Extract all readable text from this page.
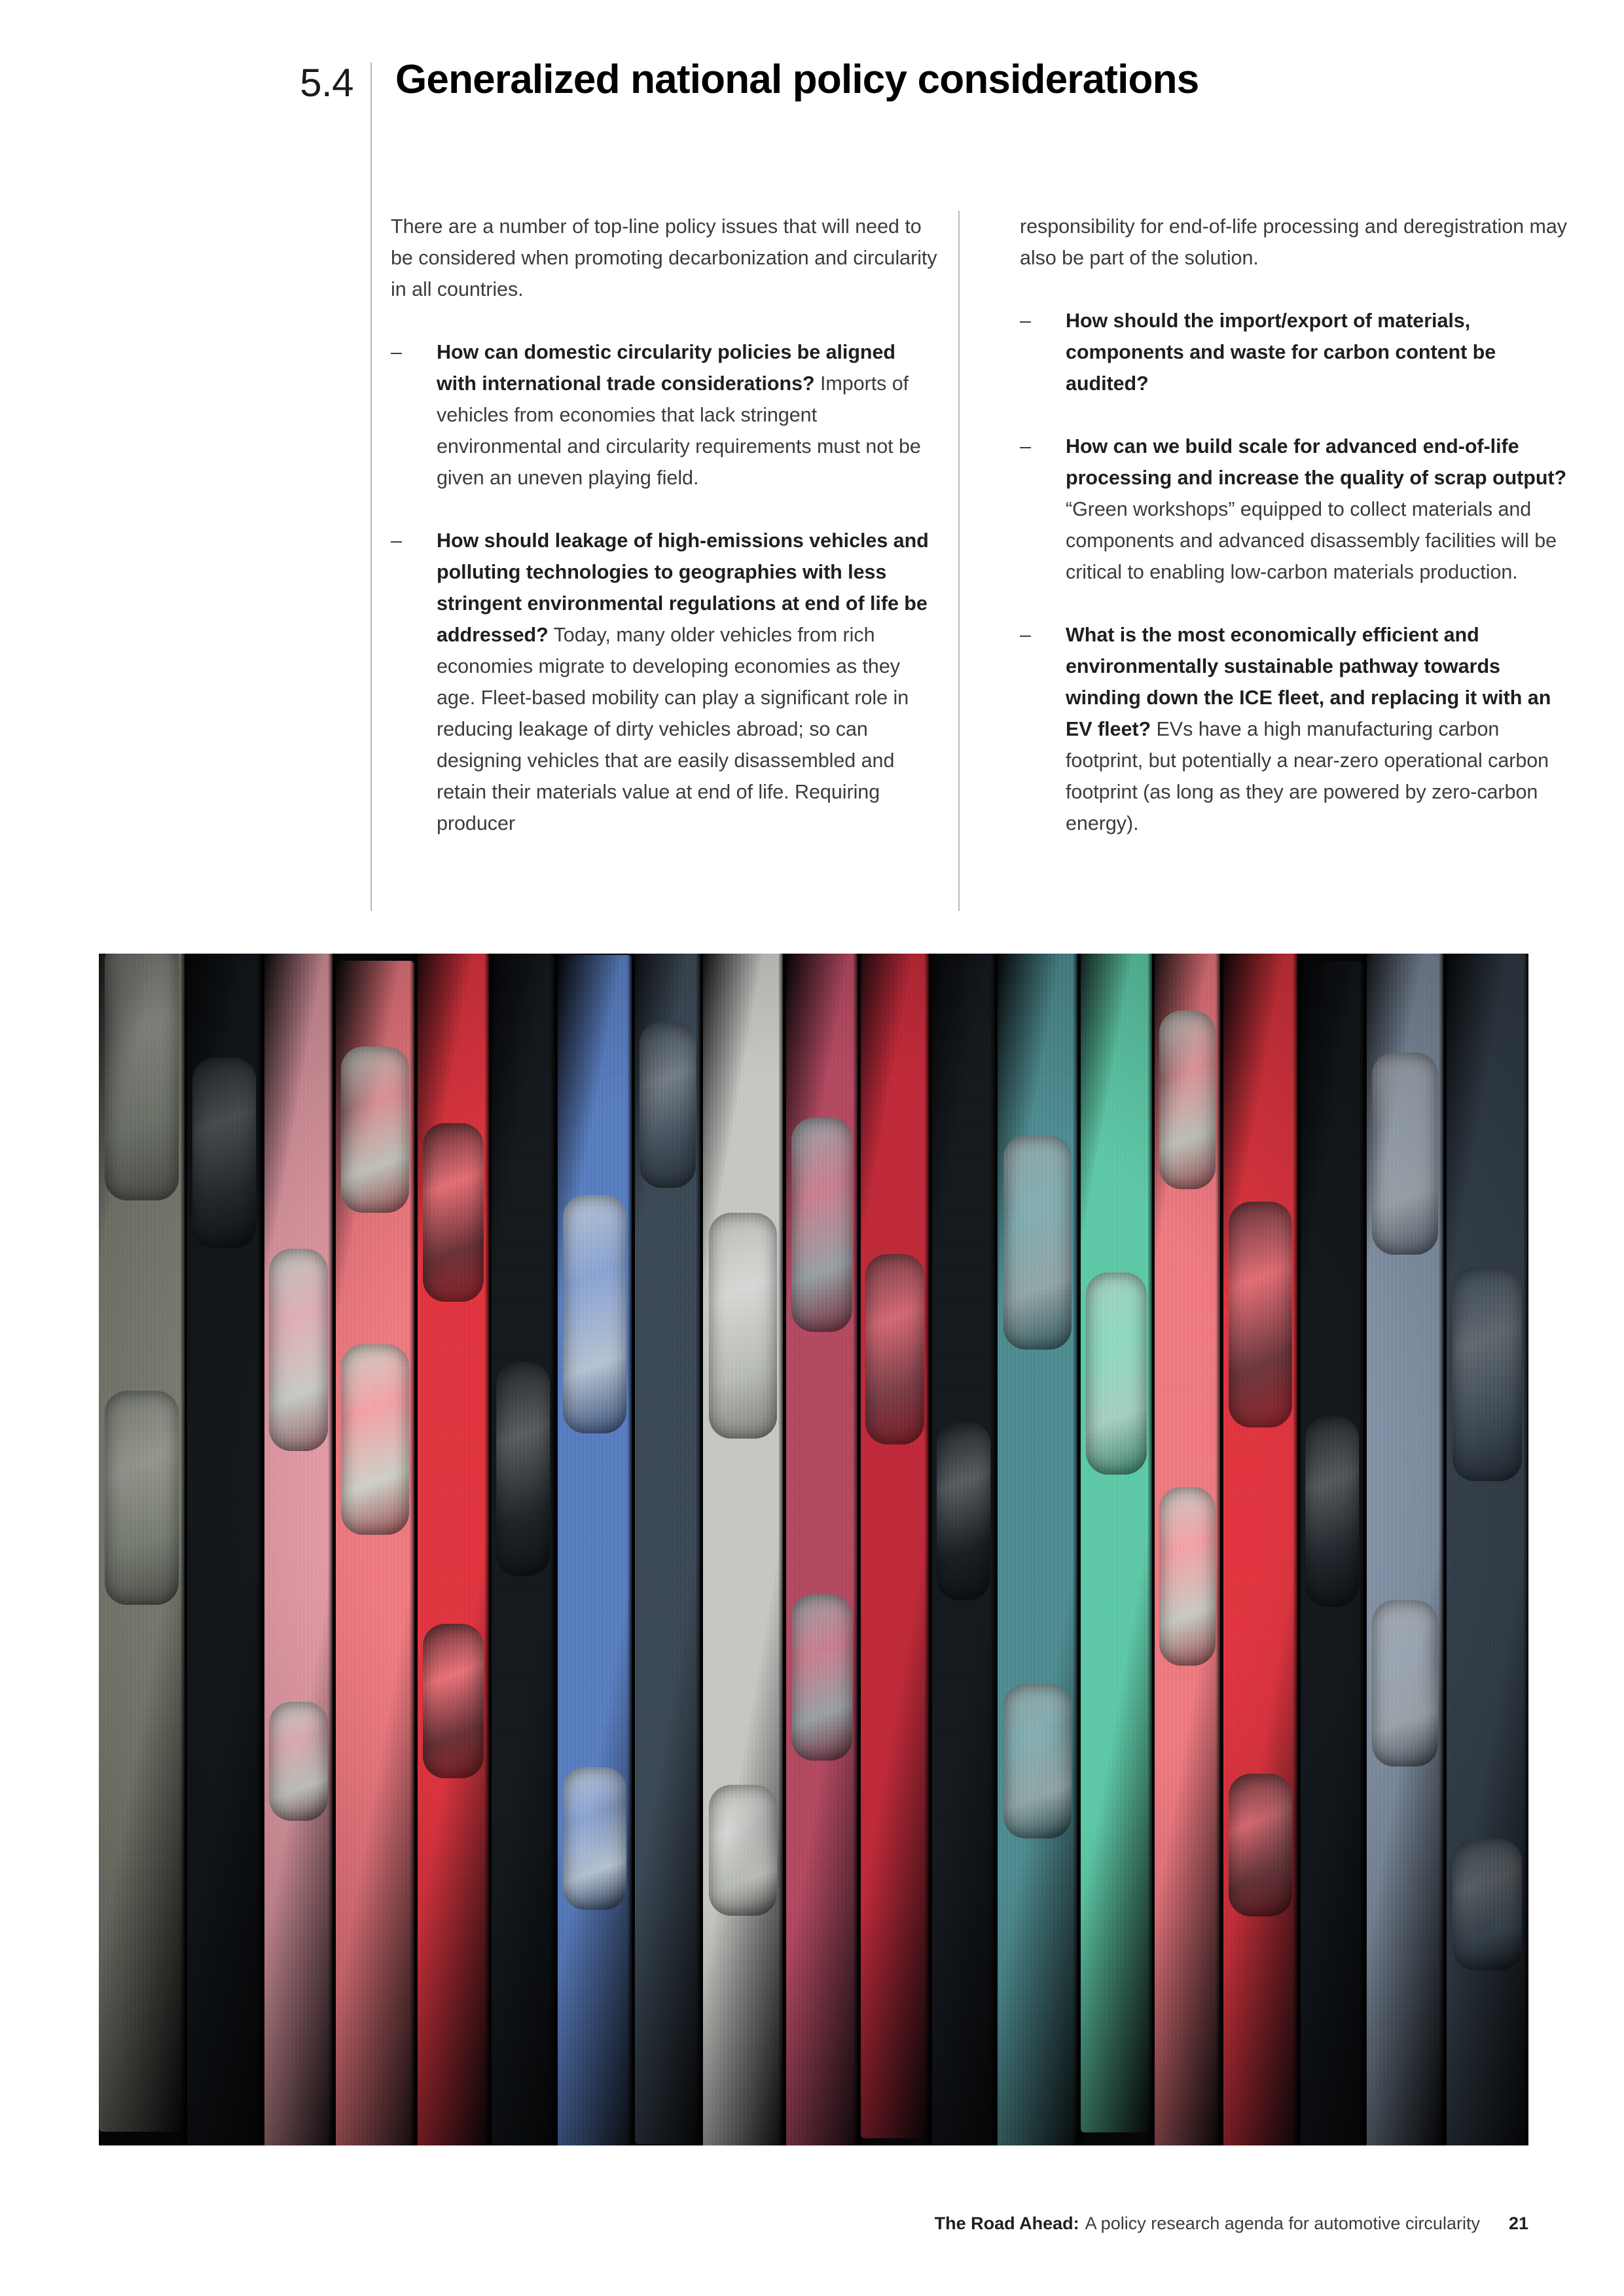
5.4 Generalized national policy considerations

There are a number of top-line policy issues that will need to be considered when promoting decarbonization and circularity in all countries.

–	How can domestic circularity policies be aligned with international trade considerations? Imports of vehicles from economies that lack stringent environmental and circularity requirements must not be given an uneven playing field.
–	How should leakage of high-emissions vehicles and polluting technologies to geographies with less stringent environmental regulations at end of life be addressed? Today, many older vehicles from rich economies migrate to developing economies as they age. Fleet-based mobility can play a significant role in reducing leakage of dirty vehicles abroad; so can designing vehicles that are easily disassembled and retain their materials value at end of life. Requiring producer

responsibility for end-of-life processing and deregistration may also be part of the solution.

–	How should the import/export of materials, components and waste for carbon content be audited?
–	How can we build scale for advanced end-of-life processing and increase the quality of scrap output? “Green workshops” equipped to collect materials and components and advanced disassembly facilities will be critical to enabling low-carbon materials production.
–	What is the most economically efficient and environmentally sustainable pathway towards winding down the ICE fleet, and replacing it with an EV fleet? EVs have a high manufacturing carbon footprint, but potentially a near-zero operational carbon footprint (as long as they are powered by zero-carbon energy).
The Road Ahead: A policy research agenda for automotive circularity 21
